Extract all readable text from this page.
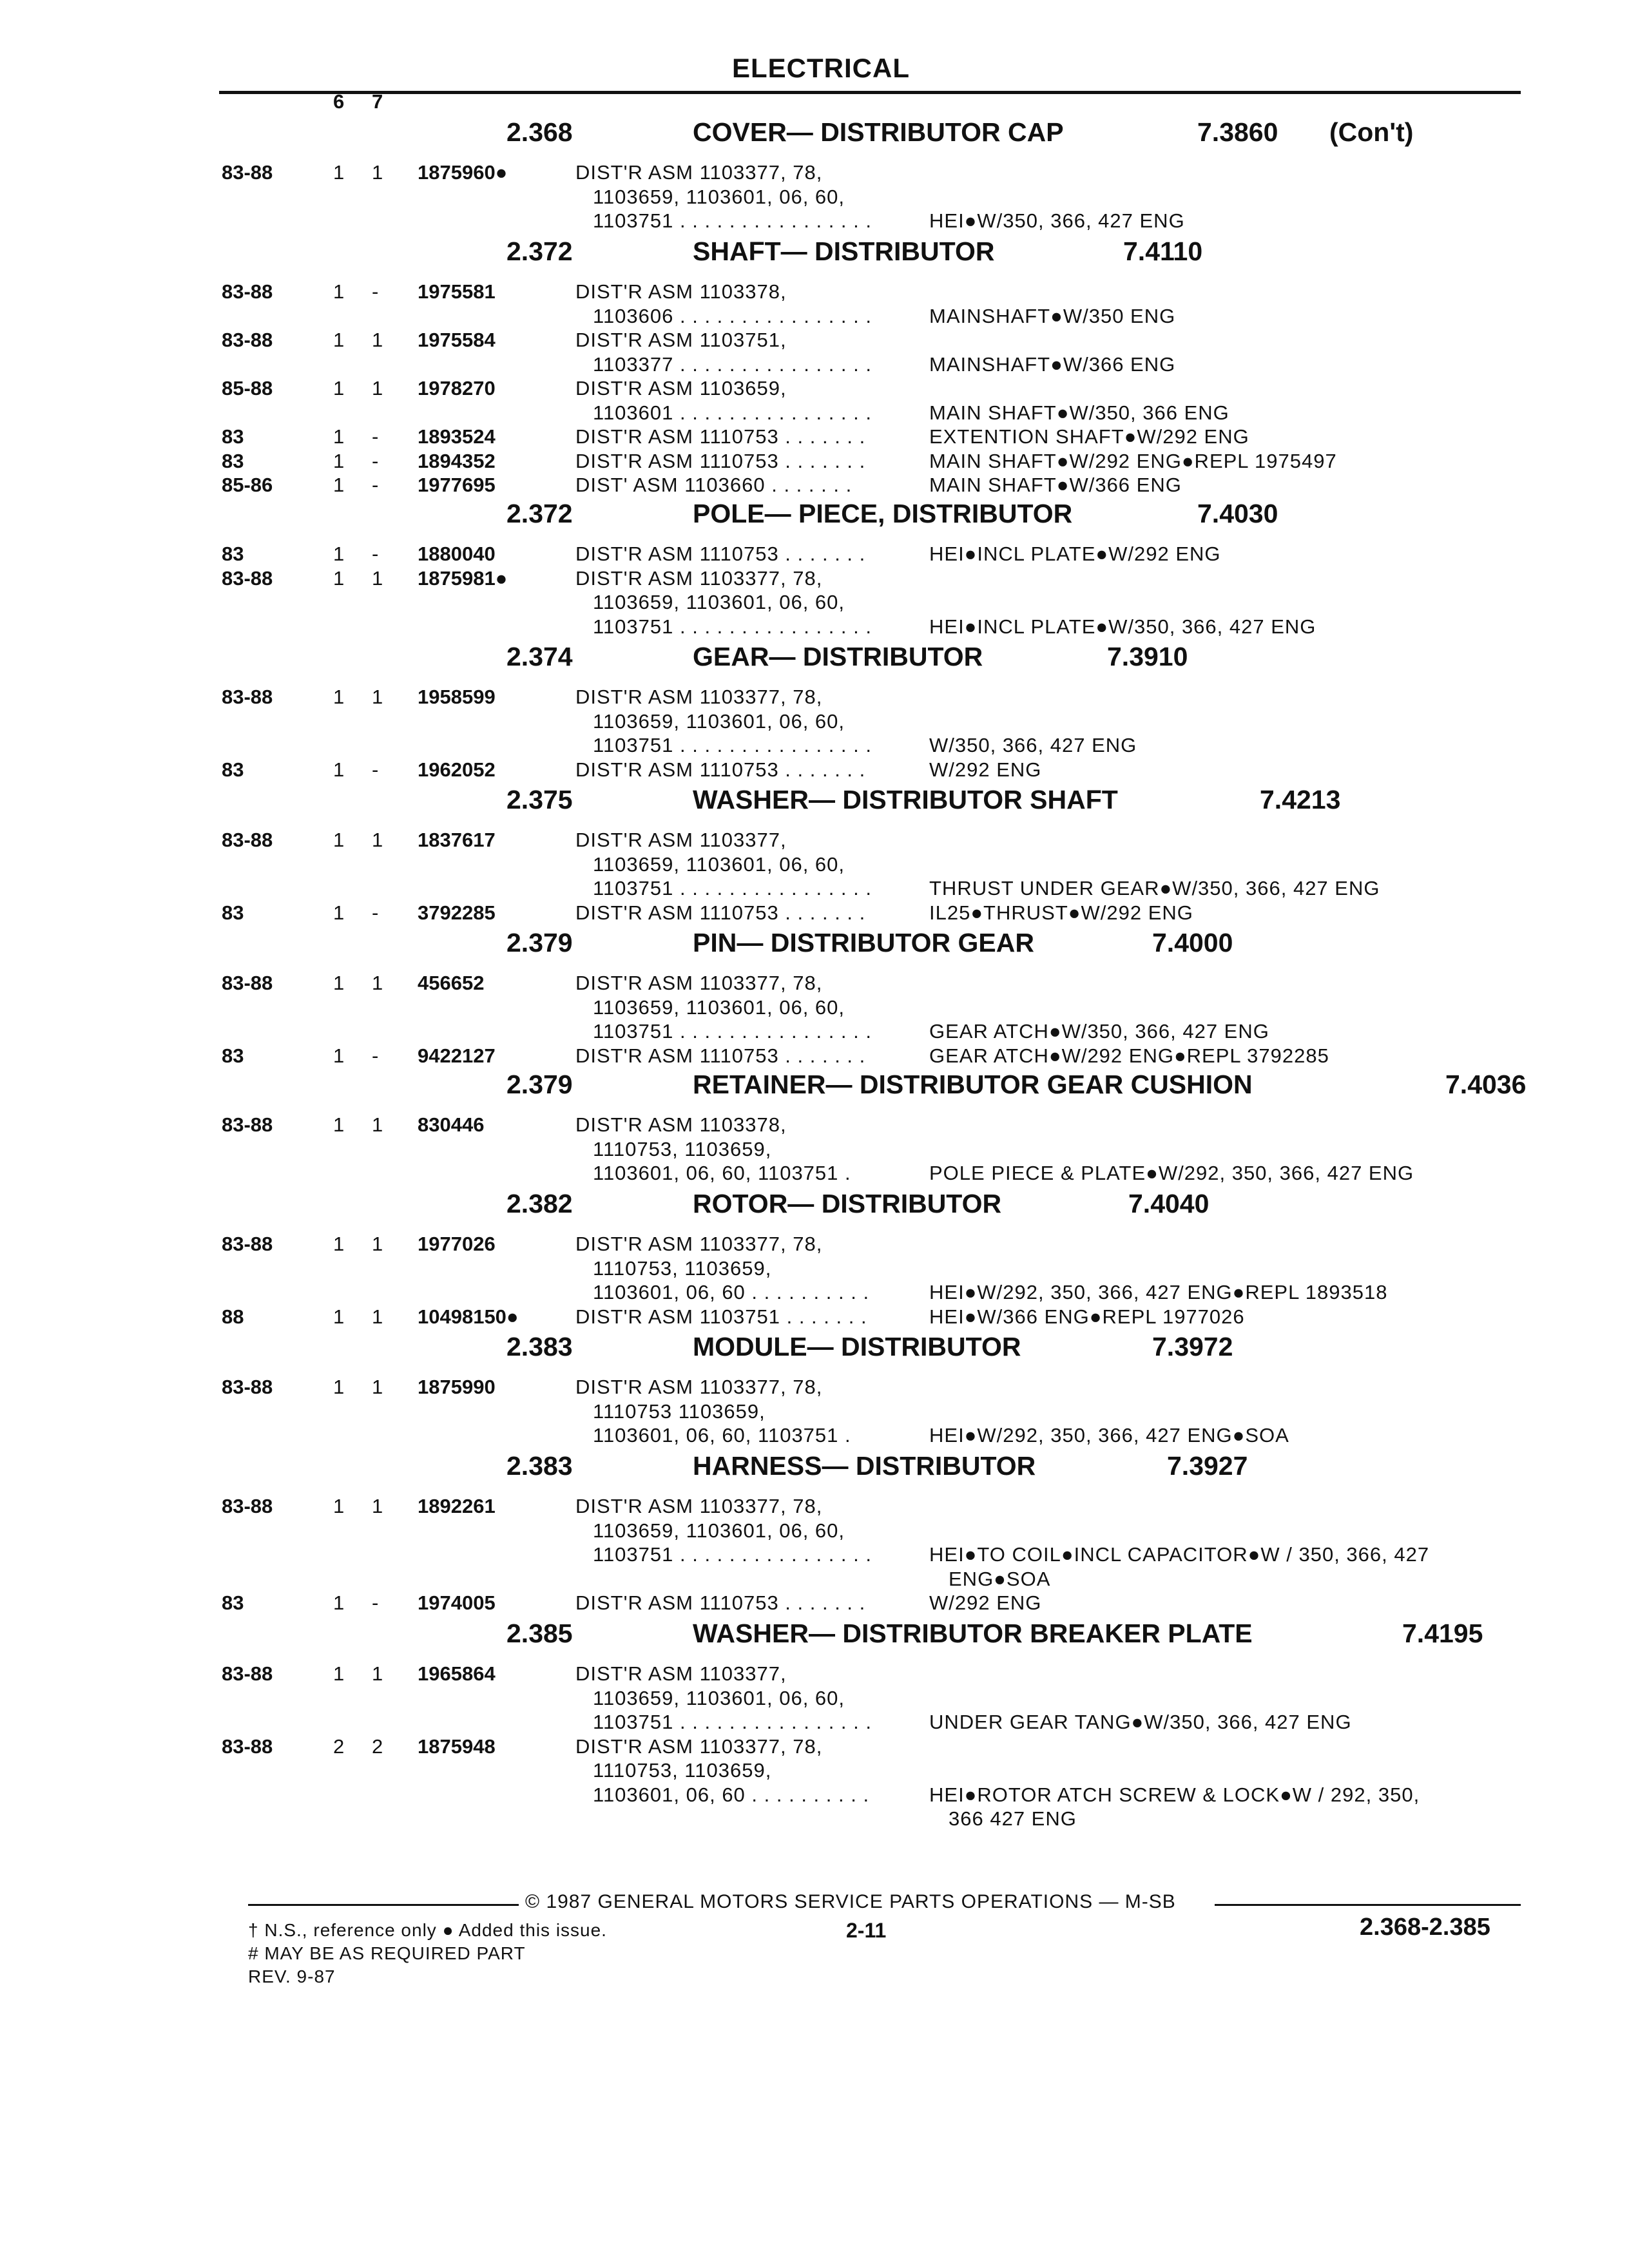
ELECTRICAL
6 7
2.368	COVER— DISTRIBUTOR CAP	7.3860 (Con't)
83-88	1 1 1875960●	DIST'R ASM 1103377, 78,
1103659, 1103601, 06, 60,
1103751 . . . . . . . . . . . . . . . .	HEI●W/350, 366, 427 ENG
2.372	SHAFT— DISTRIBUTOR	7.4110
83-88	1 - 1975581	DIST'R ASM 1103378,
1103606 . . . . . . . . . . . . . . . .	MAINSHAFT●W/350 ENG
83-88	1 1 1975584	DIST'R ASM 1103751,
1103377 . . . . . . . . . . . . . . . .	MAINSHAFT●W/366 ENG
85-88	1 1 1978270	DIST'R ASM 1103659,
1103601 . . . . . . . . . . . . . . . .	MAIN SHAFT●W/350, 366 ENG
83	1 - 1893524	DIST'R ASM 1110753 . . . . . . .	EXTENTION SHAFT●W/292 ENG
83	1 - 1894352	DIST'R ASM 1110753 . . . . . . .	MAIN SHAFT●W/292 ENG●REPL 1975497
85-86	1 - 1977695	DIST' ASM 1103660 . . . . . . .	MAIN SHAFT●W/366 ENG
2.372	POLE— PIECE, DISTRIBUTOR	7.4030
83	1 - 1880040	DIST'R ASM 1110753 . . . . . . .	HEI●INCL PLATE●W/292 ENG
83-88	1 1 1875981●	DIST'R ASM 1103377, 78,
1103659, 1103601, 06, 60,
1103751 . . . . . . . . . . . . . . . .	HEI●INCL PLATE●W/350, 366, 427 ENG
2.374	GEAR— DISTRIBUTOR	7.3910
83-88	1 1 1958599	DIST'R ASM 1103377, 78,
1103659, 1103601, 06, 60,
1103751 . . . . . . . . . . . . . . . .	W/350, 366, 427 ENG
83	1 - 1962052	DIST'R ASM 1110753 . . . . . . .	W/292 ENG
2.375	WASHER— DISTRIBUTOR SHAFT	7.4213
83-88	1 1 1837617	DIST'R ASM 1103377,
1103659, 1103601, 06, 60,
1103751 . . . . . . . . . . . . . . . .	THRUST UNDER GEAR●W/350, 366, 427 ENG
83	1 - 3792285	DIST'R ASM 1110753 . . . . . . .	IL25●THRUST●W/292 ENG
2.379	PIN— DISTRIBUTOR GEAR	7.4000
83-88	1 1 456652	DIST'R ASM 1103377, 78,
1103659, 1103601, 06, 60,
1103751 . . . . . . . . . . . . . . . .	GEAR ATCH●W/350, 366, 427 ENG
83	1 - 9422127	DIST'R ASM 1110753 . . . . . . .	GEAR ATCH●W/292 ENG●REPL 3792285
2.379	RETAINER— DISTRIBUTOR GEAR CUSHION	7.4036
83-88	1 1 830446	DIST'R ASM 1103378,
1110753, 1103659,
1103601, 06, 60, 1103751 .	POLE PIECE & PLATE●W/292, 350, 366, 427 ENG
2.382	ROTOR— DISTRIBUTOR	7.4040
83-88	1 1 1977026	DIST'R ASM 1103377, 78,
1110753, 1103659,
1103601, 06, 60 . . . . . . . . . .	HEI●W/292, 350, 366, 427 ENG●REPL 1893518
88	1 1 10498150●	DIST'R ASM 1103751 . . . . . . .	HEI●W/366 ENG●REPL 1977026
2.383	MODULE— DISTRIBUTOR	7.3972
83-88	1 1 1875990	DIST'R ASM 1103377, 78,
1110753 1103659,
1103601, 06, 60, 1103751 .	HEI●W/292, 350, 366, 427 ENG●SOA
2.383	HARNESS— DISTRIBUTOR	7.3927
83-88	1 1 1892261	DIST'R ASM 1103377, 78,
1103659, 1103601, 06, 60,
1103751 . . . . . . . . . . . . . . . .	HEI●TO COIL●INCL CAPACITOR●W / 350, 366, 427
ENG●SOA
83	1 - 1974005	DIST'R ASM 1110753 . . . . . . .	W/292 ENG
2.385	WASHER— DISTRIBUTOR BREAKER PLATE	7.4195
83-88	1 1 1965864	DIST'R ASM 1103377,
1103659, 1103601, 06, 60,
1103751 . . . . . . . . . . . . . . . .	UNDER GEAR TANG●W/350, 366, 427 ENG
83-88	2 2 1875948	DIST'R ASM 1103377, 78,
1110753, 1103659,
1103601, 06, 60 . . . . . . . . . .	HEI●ROTOR ATCH SCREW & LOCK●W / 292, 350,
366 427 ENG
© 1987 GENERAL MOTORS SERVICE PARTS OPERATIONS — M-SB
† N.S., reference only ● Added this issue.	2-11	2.368-2.385
# MAY BE AS REQUIRED PART
REV. 9-87
